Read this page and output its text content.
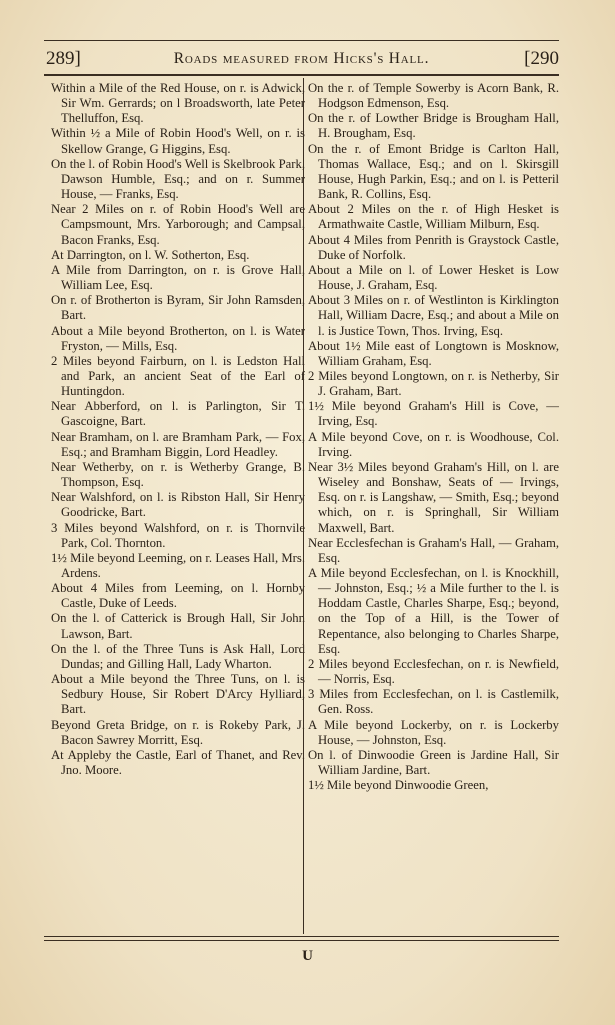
289]	Roads measured from Hicks's Hall.	[290

Within a Mile of the Red House, on r. is Adwick, Sir Wm. Gerrards; on l Broadsworth, late Peter Thelluffon, Esq.

Within ½ a Mile of Robin Hood's Well, on r. is Skellow Grange, G Higgins, Esq.

On the l. of Robin Hood's Well is Skelbrook Park, Dawson Humble, Esq.; and on r. Summer House, — Franks, Esq.

Near 2 Miles on r. of Robin Hood's Well are Campsmount, Mrs. Yarborough; and Campsal, Bacon Franks, Esq.

At Darrington, on l. W. Sotherton, Esq.

A Mile from Darrington, on r. is Grove Hall, William Lee, Esq.

On r. of Brotherton is Byram, Sir John Ramsden, Bart.

About a Mile beyond Brotherton, on l. is Water Fryston, — Mills, Esq.

2 Miles beyond Fairburn, on l. is Ledston Hall and Park, an ancient Seat of the Earl of Huntingdon.

Near Abberford, on l. is Parlington, Sir T. Gascoigne, Bart.

Near Bramham, on l. are Bramham Park, — Fox, Esq.; and Bramham Biggin, Lord Headley.

Near Wetherby, on r. is Wetherby Grange, B. Thompson, Esq.

Near Walshford, on l. is Ribston Hall, Sir Henry Goodricke, Bart.

3 Miles beyond Walshford, on r. is Thornvile Park, Col. Thornton.

1½ Mile beyond Leeming, on r. Leases Hall, Mrs. Ardens.

About 4 Miles from Leeming, on l. Hornby Castle, Duke of Leeds.

On the l. of Catterick is Brough Hall, Sir John Lawson, Bart.

On the l. of the Three Tuns is Ask Hall, Lord Dundas; and Gilling Hall, Lady Wharton.

About a Mile beyond the Three Tuns, on l. is Sedbury House, Sir Robert D'Arcy Hylliard, Bart.

Beyond Greta Bridge, on r. is Rokeby Park, J. Bacon Sawrey Morritt, Esq.

At Appleby the Castle, Earl of Thanet, and Rev. Jno. Moore.

On the r. of Temple Sowerby is Acorn Bank, R. Hodgson Edmenson, Esq.

On the r. of Lowther Bridge is Brougham Hall, H. Brougham, Esq.

On the r. of Emont Bridge is Carlton Hall, Thomas Wallace, Esq.; and on l. Skirsgill House, Hugh Parkin, Esq.; and on l. is Petteril Bank, R. Collins, Esq.

About 2 Miles on the r. of High Hesket is Armathwaite Castle, William Milburn, Esq.

About 4 Miles from Penrith is Graystock Castle, Duke of Norfolk.

About a Mile on l. of Lower Hesket is Low House, J. Graham, Esq.

About 3 Miles on r. of Westlinton is Kirklington Hall, William Dacre, Esq.; and about a Mile on l. is Justice Town, Thos. Irving, Esq.

About 1½ Mile east of Longtown is Mosknow, William Graham, Esq.

2 Miles beyond Longtown, on r. is Netherby, Sir J. Graham, Bart.

1½ Mile beyond Graham's Hill is Cove, — Irving, Esq.

A Mile beyond Cove, on r. is Woodhouse, Col. Irving.

Near 3½ Miles beyond Graham's Hill, on l. are Wiseley and Bonshaw, Seats of — Irvings, Esq. on r. is Langshaw, — Smith, Esq.; beyond which, on r. is Springhall, Sir William Maxwell, Bart.

Near Ecclesfechan is Graham's Hall, — Graham, Esq.

A Mile beyond Ecclesfechan, on l. is Knockhill, — Johnston, Esq.; ½ a Mile further to the l. is Hoddam Castle, Charles Sharpe, Esq.; beyond, on the Top of a Hill, is the Tower of Repentance, also belonging to Charles Sharpe, Esq.

2 Miles beyond Ecclesfechan, on r. is Newfield, — Norris, Esq.

3 Miles from Ecclesfechan, on l. is Castlemilk, Gen. Ross.

A Mile beyond Lockerby, on r. is Lockerby House, — Johnston, Esq.

On l. of Dinwoodie Green is Jardine Hall, Sir William Jardine, Bart.

1½ Mile beyond Dinwoodie Green,

U
